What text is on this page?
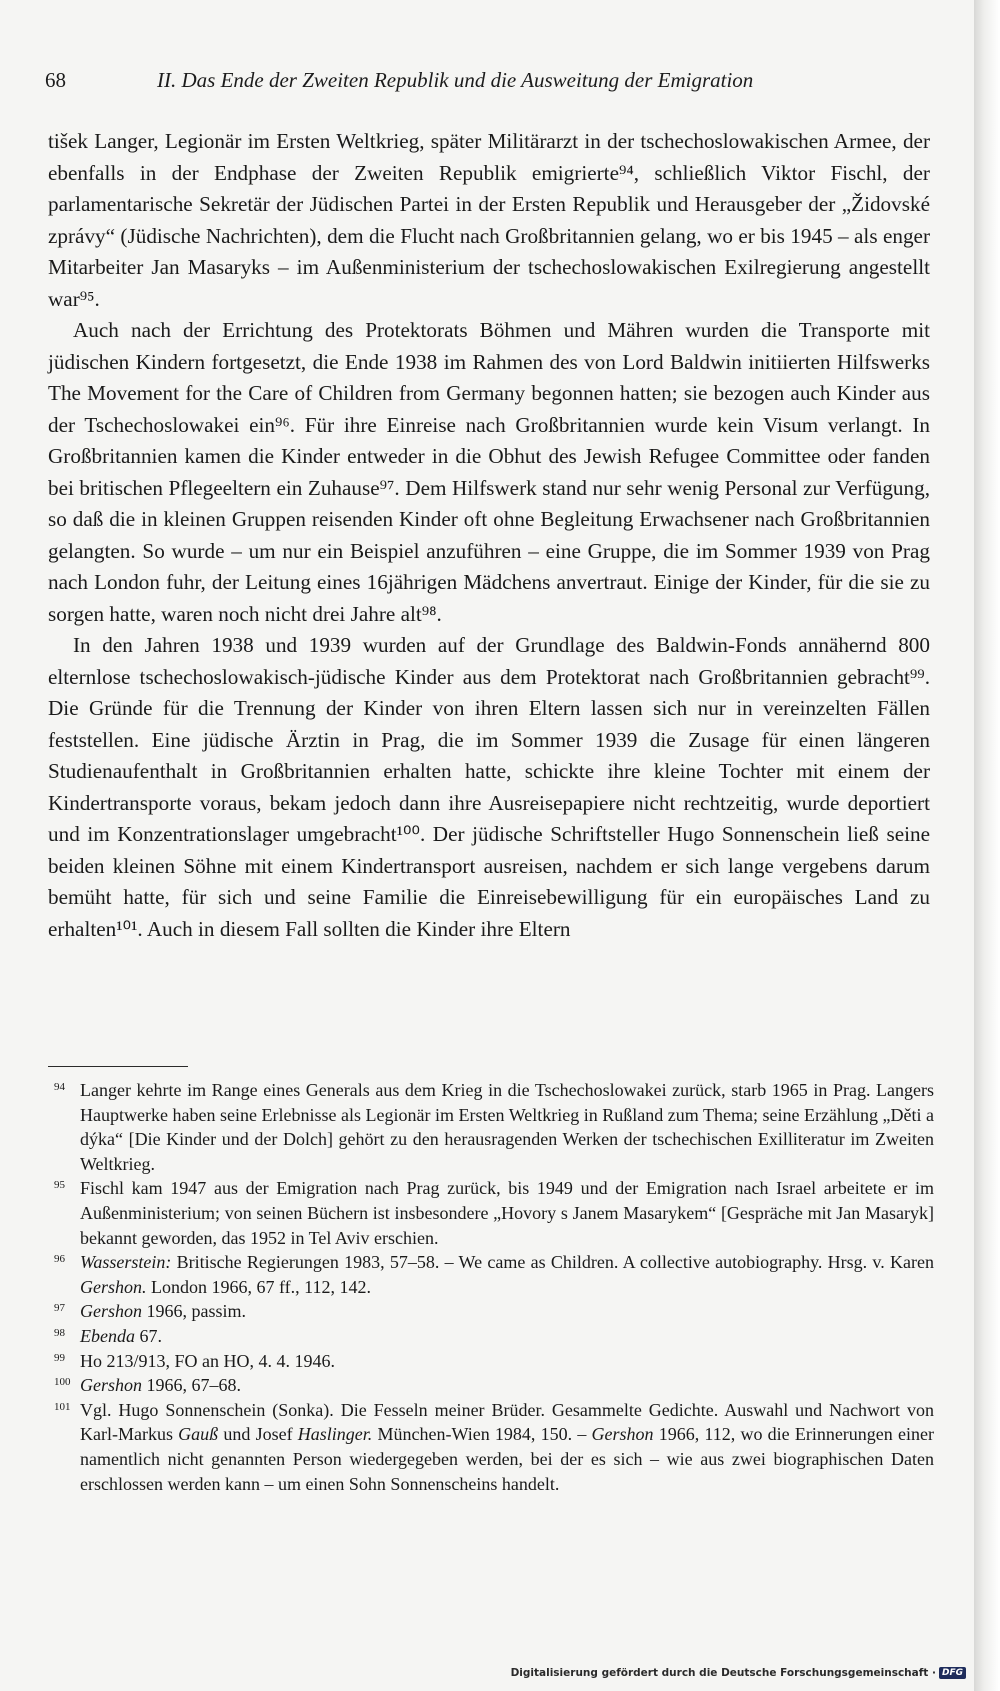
68	II. Das Ende der Zweiten Republik und die Ausweitung der Emigration

tišek Langer, Legionär im Ersten Weltkrieg, später Militärarzt in der tschechoslowakischen Armee, der ebenfalls in der Endphase der Zweiten Republik emigrierte⁹⁴, schließlich Viktor Fischl, der parlamentarische Sekretär der Jüdischen Partei in der Ersten Republik und Herausgeber der „Židovské zprávy“ (Jüdische Nachrichten), dem die Flucht nach Großbritannien gelang, wo er bis 1945 – als enger Mitarbeiter Jan Masaryks – im Außenministerium der tschechoslowakischen Exilregierung angestellt war⁹⁵.

Auch nach der Errichtung des Protektorats Böhmen und Mähren wurden die Transporte mit jüdischen Kindern fortgesetzt, die Ende 1938 im Rahmen des von Lord Baldwin initiierten Hilfswerks The Movement for the Care of Children from Germany begonnen hatten; sie bezogen auch Kinder aus der Tschechoslowakei ein⁹⁶. Für ihre Einreise nach Großbritannien wurde kein Visum verlangt. In Großbritannien kamen die Kinder entweder in die Obhut des Jewish Refugee Committee oder fanden bei britischen Pflegeeltern ein Zuhause⁹⁷. Dem Hilfswerk stand nur sehr wenig Personal zur Verfügung, so daß die in kleinen Gruppen reisenden Kinder oft ohne Begleitung Erwachsener nach Großbritannien gelangten. So wurde – um nur ein Beispiel anzuführen – eine Gruppe, die im Sommer 1939 von Prag nach London fuhr, der Leitung eines 16jährigen Mädchens anvertraut. Einige der Kinder, für die sie zu sorgen hatte, waren noch nicht drei Jahre alt⁹⁸.

In den Jahren 1938 und 1939 wurden auf der Grundlage des Baldwin-Fonds annähernd 800 elternlose tschechoslowakisch-jüdische Kinder aus dem Protektorat nach Großbritannien gebracht⁹⁹. Die Gründe für die Trennung der Kinder von ihren Eltern lassen sich nur in vereinzelten Fällen feststellen. Eine jüdische Ärztin in Prag, die im Sommer 1939 die Zusage für einen längeren Studienaufenthalt in Großbritannien erhalten hatte, schickte ihre kleine Tochter mit einem der Kindertransporte voraus, bekam jedoch dann ihre Ausreisepapiere nicht rechtzeitig, wurde deportiert und im Konzentrationslager umgebracht¹⁰⁰. Der jüdische Schriftsteller Hugo Sonnenschein ließ seine beiden kleinen Söhne mit einem Kindertransport ausreisen, nachdem er sich lange vergebens darum bemüht hatte, für sich und seine Familie die Einreisebewilligung für ein europäisches Land zu erhalten¹⁰¹. Auch in diesem Fall sollten die Kinder ihre Eltern

94 Langer kehrte im Range eines Generals aus dem Krieg in die Tschechoslowakei zurück, starb 1965 in Prag. Langers Hauptwerke haben seine Erlebnisse als Legionär im Ersten Weltkrieg in Rußland zum Thema; seine Erzählung „Děti a dýka“ [Die Kinder und der Dolch] gehört zu den herausragenden Werken der tschechischen Exilliteratur im Zweiten Weltkrieg.
95 Fischl kam 1947 aus der Emigration nach Prag zurück, bis 1949 und der Emigration nach Israel arbeitete er im Außenministerium; von seinen Büchern ist insbesondere „Hovory s Janem Masarykem“ [Gespräche mit Jan Masaryk] bekannt geworden, das 1952 in Tel Aviv erschien.
96 Wasserstein: Britische Regierungen 1983, 57–58. – We came as Children. A collective autobiography. Hrsg. v. Karen Gershon. London 1966, 67 ff., 112, 142.
97 Gershon 1966, passim.
98 Ebenda 67.
99 Ho 213/913, FO an HO, 4. 4. 1946.
100 Gershon 1966, 67–68.
101 Vgl. Hugo Sonnenschein (Sonka). Die Fesseln meiner Brüder. Gesammelte Gedichte. Auswahl und Nachwort von Karl-Markus Gauß und Josef Haslinger. München-Wien 1984, 150. – Gershon 1966, 112, wo die Erinnerungen einer namentlich nicht genannten Person wiedergegeben werden, bei der es sich – wie aus zwei biographischen Daten erschlossen werden kann – um einen Sohn Sonnenscheins handelt.
Digitalisierung gefördert durch die Deutsche Forschungsgemeinschaft · DFG
